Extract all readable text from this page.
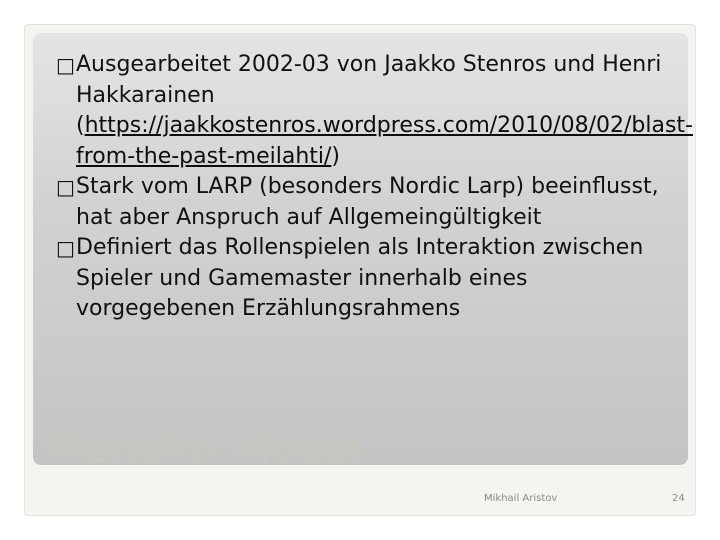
□ Ausgearbeitet 2002-03 von Jaakko Stenros und Henri Hakkarainen (https://jaakkostenros.wordpress.com/2010/08/02/blast-from-the-past-meilahti/)
□ Stark vom LARP (besonders Nordic Larp) beeinflusst, hat aber Anspruch auf Allgemeingültigkeit
□ Definiert das Rollenspielen als Interaktion zwischen Spieler und Gamemaster innerhalb eines vorgegebenen Erzählungsrahmens
Meilahti Model
Mikhail Aristov	24
